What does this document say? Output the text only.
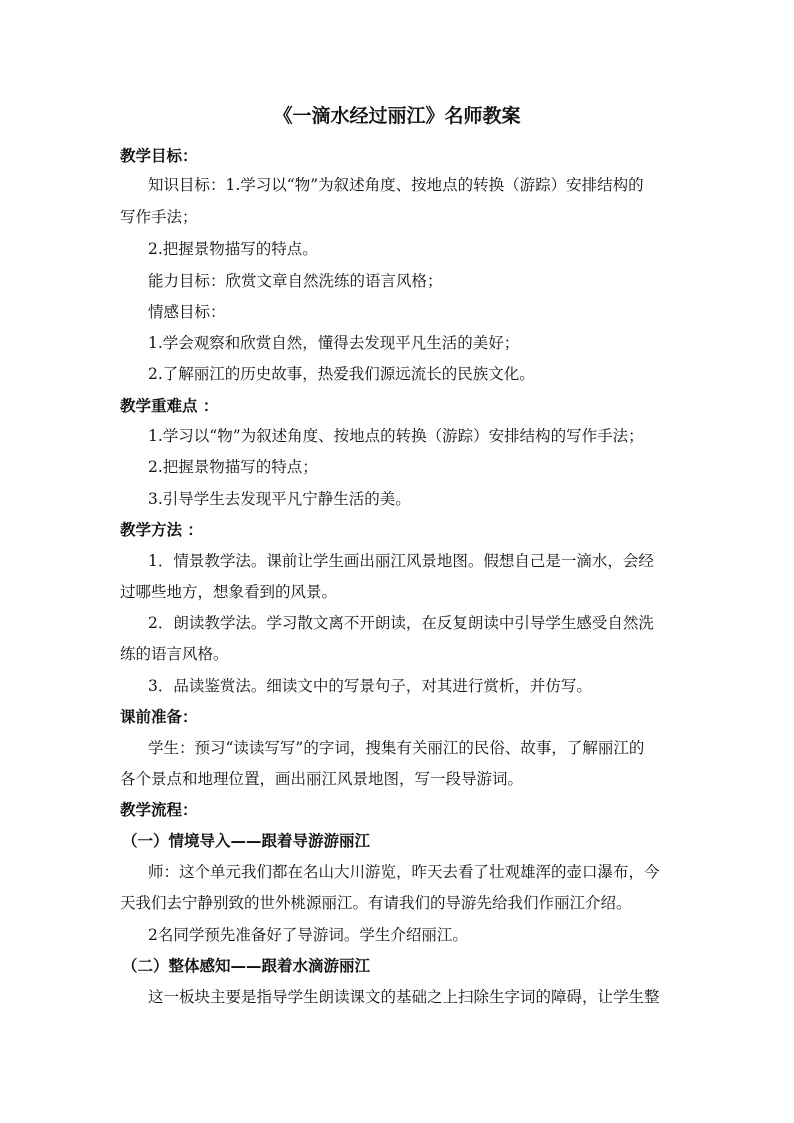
《一滴水经过丽江》名师教案
教学目标：
知识目标：1.学习以“物”为叙述角度、按地点的转换（游踪）安排结构的
写作手法；
2.把握景物描写的特点。
能力目标：欣赏文章自然洗练的语言风格；
情感目标：
1.学会观察和欣赏自然，懂得去发现平凡生活的美好；
2.了解丽江的历史故事，热爱我们源远流长的民族文化。
教学重难点 ：
1.学习以“物”为叙述角度、按地点的转换（游踪）安排结构的写作手法；
2.把握景物描写的特点；
3.引导学生去发现平凡宁静生活的美。
教学方法 ：
1．情景教学法。课前让学生画出丽江风景地图。假想自己是一滴水，会经
过哪些地方，想象看到的风景。
2．朗读教学法。学习散文离不开朗读，在反复朗读中引导学生感受自然洗
练的语言风格。
3．品读鉴赏法。细读文中的写景句子，对其进行赏析，并仿写。
课前准备：
学生：预习“读读写写”的字词，搜集有关丽江的民俗、故事，了解丽江的
各个景点和地理位置，画出丽江风景地图，写一段导游词。
教学流程：
（一）情境导入——跟着导游游丽江
师：这个单元我们都在名山大川游览，昨天去看了壮观雄浑的壶口瀑布，今
天我们去宁静别致的世外桃源丽江。有请我们的导游先给我们作丽江介绍。
2名同学预先准备好了导游词。学生介绍丽江。
（二）整体感知——跟着水滴游丽江
这一板块主要是指导学生朗读课文的基础之上扫除生字词的障碍，让学生整
